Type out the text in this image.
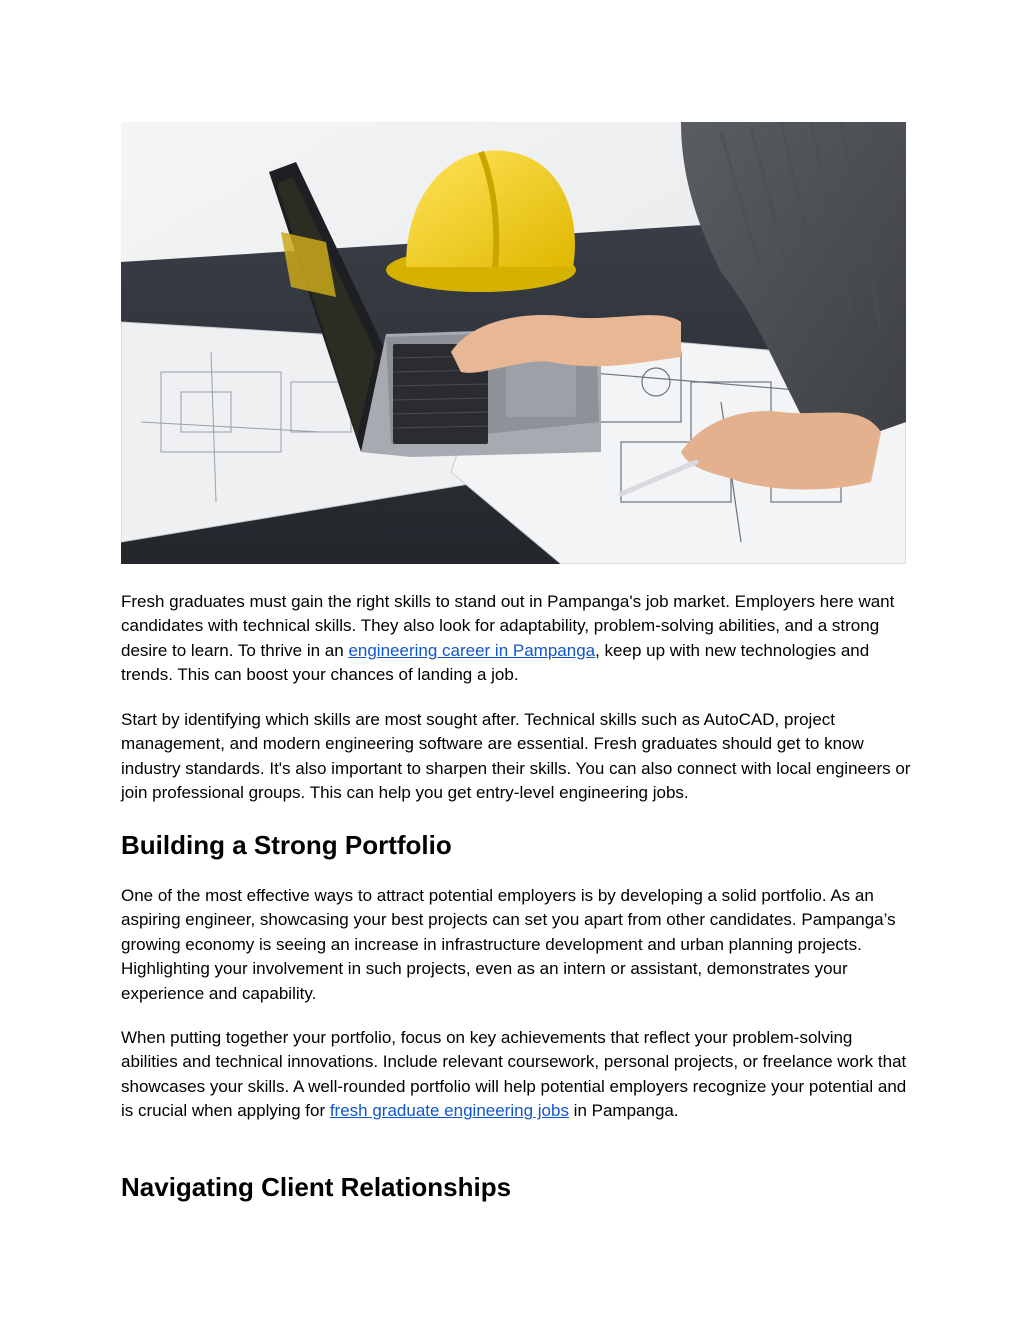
Fresh graduates must gain the right skills to stand out in Pampanga's job market. Employers here want candidates with technical skills. They also look for adaptability, problem-solving abilities, and a strong desire to learn. To thrive in an engineering career in Pampanga, keep up with new technologies and trends. This can boost your chances of landing a job.

Start by identifying which skills are most sought after. Technical skills such as AutoCAD, project management, and modern engineering software are essential. Fresh graduates should get to know industry standards. It's also important to sharpen their skills. You can also connect with local engineers or join professional groups. This can help you get entry-level engineering jobs.

Building a Strong Portfolio

One of the most effective ways to attract potential employers is by developing a solid portfolio. As an aspiring engineer, showcasing your best projects can set you apart from other candidates. Pampanga’s growing economy is seeing an increase in infrastructure development and urban planning projects. Highlighting your involvement in such projects, even as an intern or assistant, demonstrates your experience and capability.

When putting together your portfolio, focus on key achievements that reflect your problem-solving abilities and technical innovations. Include relevant coursework, personal projects, or freelance work that showcases your skills. A well-rounded portfolio will help potential employers recognize your potential and is crucial when applying for fresh graduate engineering jobs in Pampanga.

Navigating Client Relationships
